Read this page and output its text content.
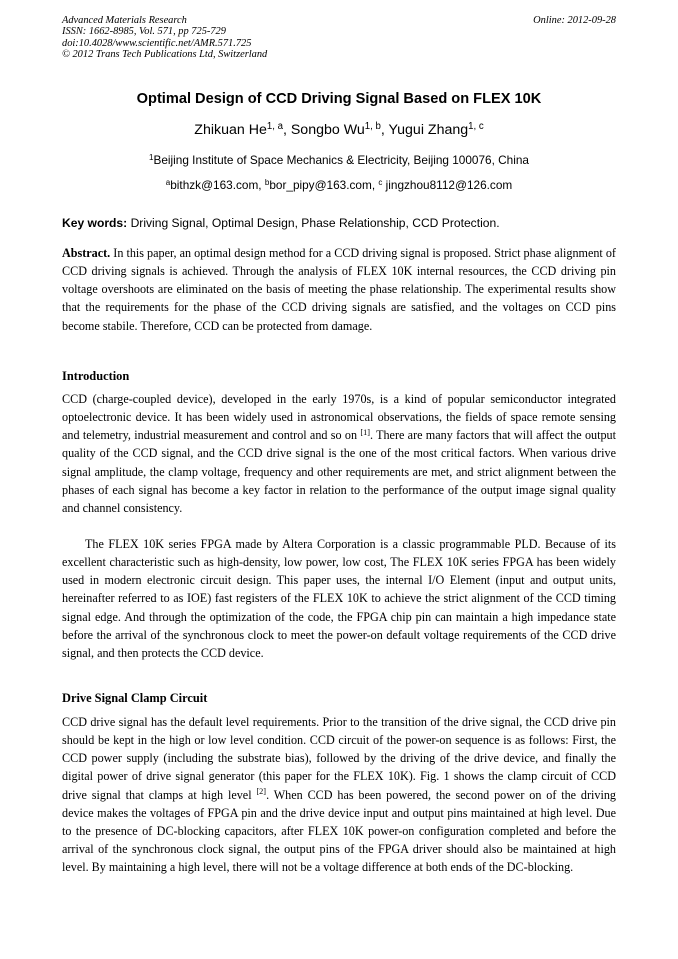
Advanced Materials Research
ISSN: 1662-8985, Vol. 571, pp 725-729
doi:10.4028/www.scientific.net/AMR.571.725
© 2012 Trans Tech Publications Ltd, Switzerland
Online: 2012-09-28
Optimal Design of CCD Driving Signal Based on FLEX 10K
Zhikuan He$^{1, a}$, Songbo Wu$^{1, b}$, Yugui Zhang$^{1, c}$
$^1$Beijing Institute of Space Mechanics & Electricity, Beijing 100076, China
$^a$bithzk@163.com, $^b$bor_pipy@163.com, $^c$ jingzhou8112@126.com
Key words: Driving Signal, Optimal Design, Phase Relationship, CCD Protection.

Abstract. In this paper, an optimal design method for a CCD driving signal is proposed. Strict phase alignment of CCD driving signals is achieved. Through the analysis of FLEX 10K internal resources, the CCD driving pin voltage overshoots are eliminated on the basis of meeting the phase relationship. The experimental results show that the requirements for the phase of the CCD driving signals are satisfied, and the voltages on CCD pins become stabile. Therefore, CCD can be protected from damage.

Introduction

CCD (charge-coupled device), developed in the early 1970s, is a kind of popular semiconductor integrated optoelectronic device. It has been widely used in astronomical observations, the fields of space remote sensing and telemetry, industrial measurement and control and so on [1]. There are many factors that will affect the output quality of the CCD signal, and the CCD drive signal is the one of the most critical factors. When various drive signal amplitude, the clamp voltage, frequency and other requirements are met, and strict alignment between the phases of each signal has become a key factor in relation to the performance of the output image signal quality and channel consistency.

The FLEX 10K series FPGA made by Altera Corporation is a classic programmable PLD. Because of its excellent characteristic such as high-density, low power, low cost, The FLEX 10K series FPGA has been widely used in modern electronic circuit design. This paper uses, the internal I/O Element (input and output units, hereinafter referred to as IOE) fast registers of the FLEX 10K to achieve the strict alignment of the CCD timing signal edge. And through the optimization of the code, the FPGA chip pin can maintain a high impedance state before the arrival of the synchronous clock to meet the power-on default voltage requirements of the CCD drive signal, and then protects the CCD device.

Drive Signal Clamp Circuit

CCD drive signal has the default level requirements. Prior to the transition of the drive signal, the CCD drive pin should be kept in the high or low level condition. CCD circuit of the power-on sequence is as follows: First, the CCD power supply (including the substrate bias), followed by the driving of the drive device, and finally the digital power of drive signal generator (this paper for the FLEX 10K). Fig. 1 shows the clamp circuit of CCD drive signal that clamps at high level [2]. When CCD has been powered, the second power on of the driving device makes the voltages of FPGA pin and the drive device input and output pins maintained at high level. Due to the presence of DC-blocking capacitors, after FLEX 10K power-on configuration completed and before the arrival of the synchronous clock signal, the output pins of the FPGA driver should also be maintained at high level. By maintaining a high level, there will not be a voltage difference at both ends of the DC-blocking.
